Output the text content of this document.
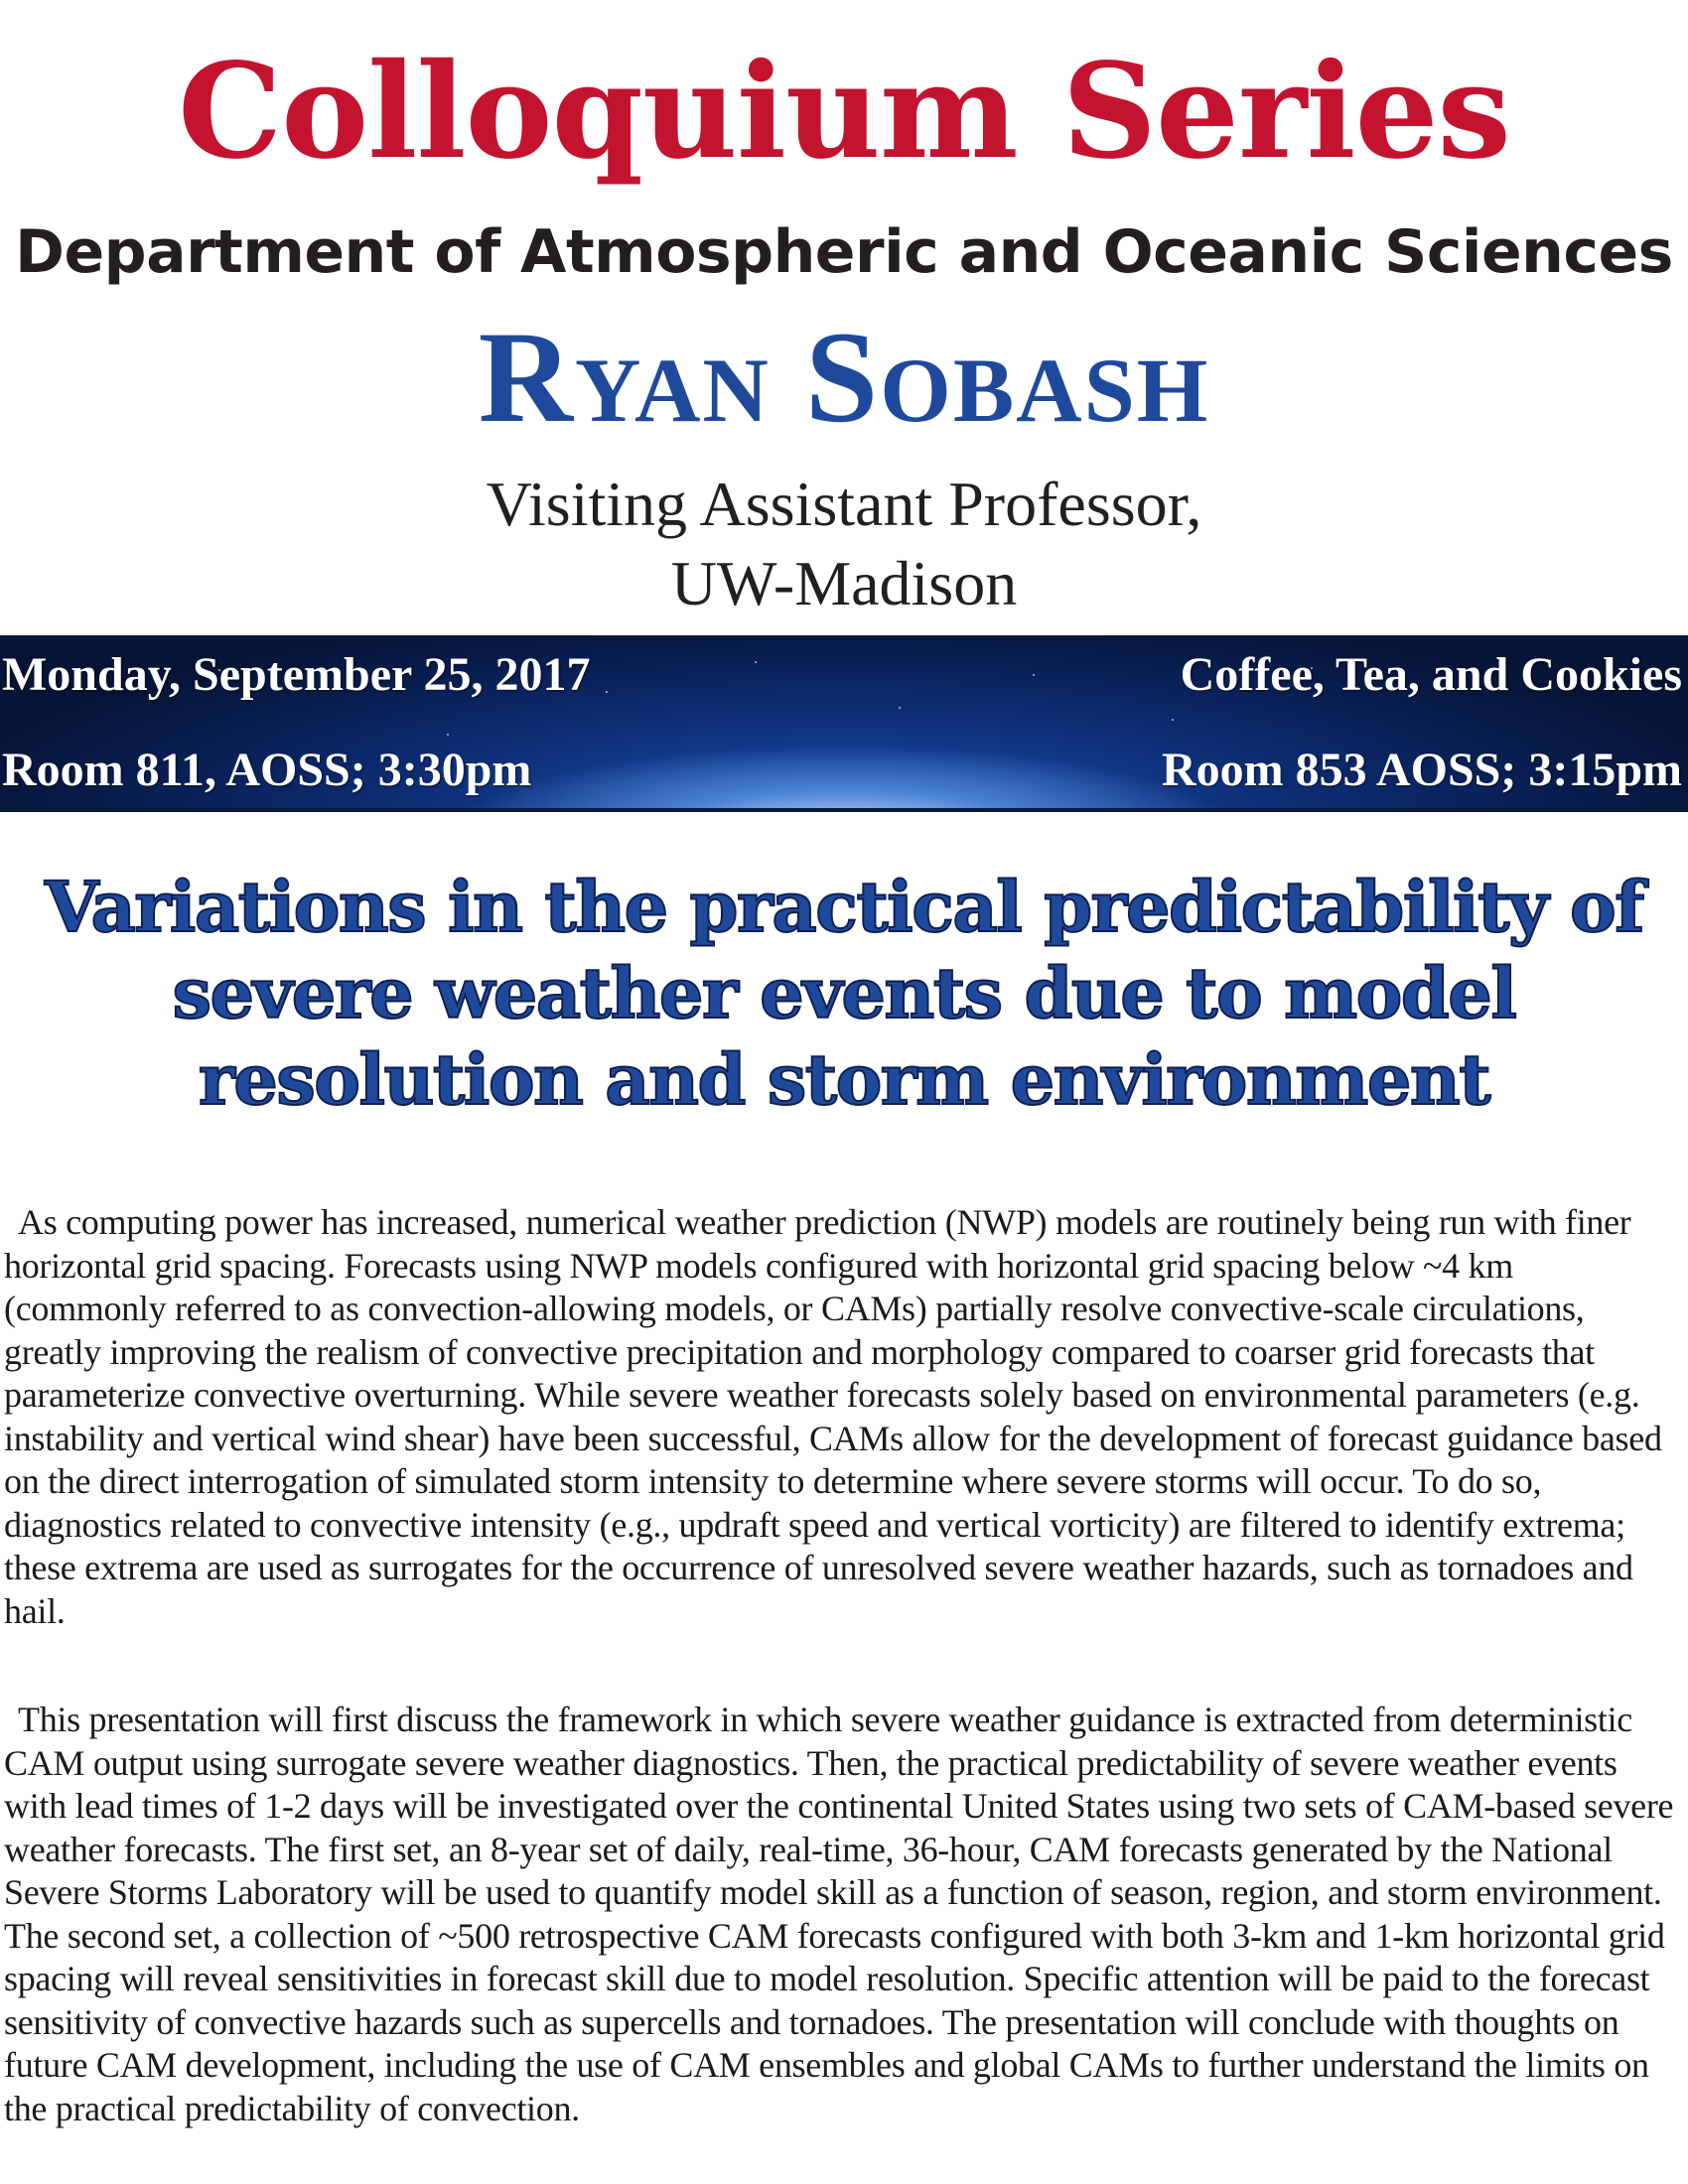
Colloquium Series
Department of Atmospheric and Oceanic Sciences
Ryan Sobash
Visiting Assistant Professor,
UW-Madison
Monday, September 25, 2017
Room 811, AOSS; 3:30pm
Coffee, Tea, and Cookies
Room 853 AOSS; 3:15pm
Variations in the practical predictability of severe weather events due to model resolution and storm environment

As computing power has increased, numerical weather prediction (NWP) models are routinely being run with finer horizontal grid spacing. Forecasts using NWP models configured with horizontal grid spacing below ~4 km (commonly referred to as convection-allowing models, or CAMs) partially resolve convective-scale circulations, greatly improving the realism of convective precipitation and morphology compared to coarser grid forecasts that parameterize convective overturning. While severe weather forecasts solely based on environmental parameters (e.g. instability and vertical wind shear) have been successful, CAMs allow for the development of forecast guidance based on the direct interrogation of simulated storm intensity to determine where severe storms will occur. To do so, diagnostics related to convective intensity (e.g., updraft speed and vertical vorticity) are filtered to identify extrema; these extrema are used as surrogates for the occurrence of unresolved severe weather hazards, such as tornadoes and hail.

This presentation will first discuss the framework in which severe weather guidance is extracted from deterministic CAM output using surrogate severe weather diagnostics. Then, the practical predictability of severe weather events with lead times of 1-2 days will be investigated over the continental United States using two sets of CAM-based severe weather forecasts. The first set, an 8-year set of daily, real-time, 36-hour, CAM forecasts generated by the National Severe Storms Laboratory will be used to quantify model skill as a function of season, region, and storm environment. The second set, a collection of ~500 retrospective CAM forecasts configured with both 3-km and 1-km horizontal grid spacing will reveal sensitivities in forecast skill due to model resolution. Specific attention will be paid to the forecast sensitivity of convective hazards such as supercells and tornadoes. The presentation will conclude with thoughts on future CAM development, including the use of CAM ensembles and global CAMs to further understand the limits on the practical predictability of convection.
